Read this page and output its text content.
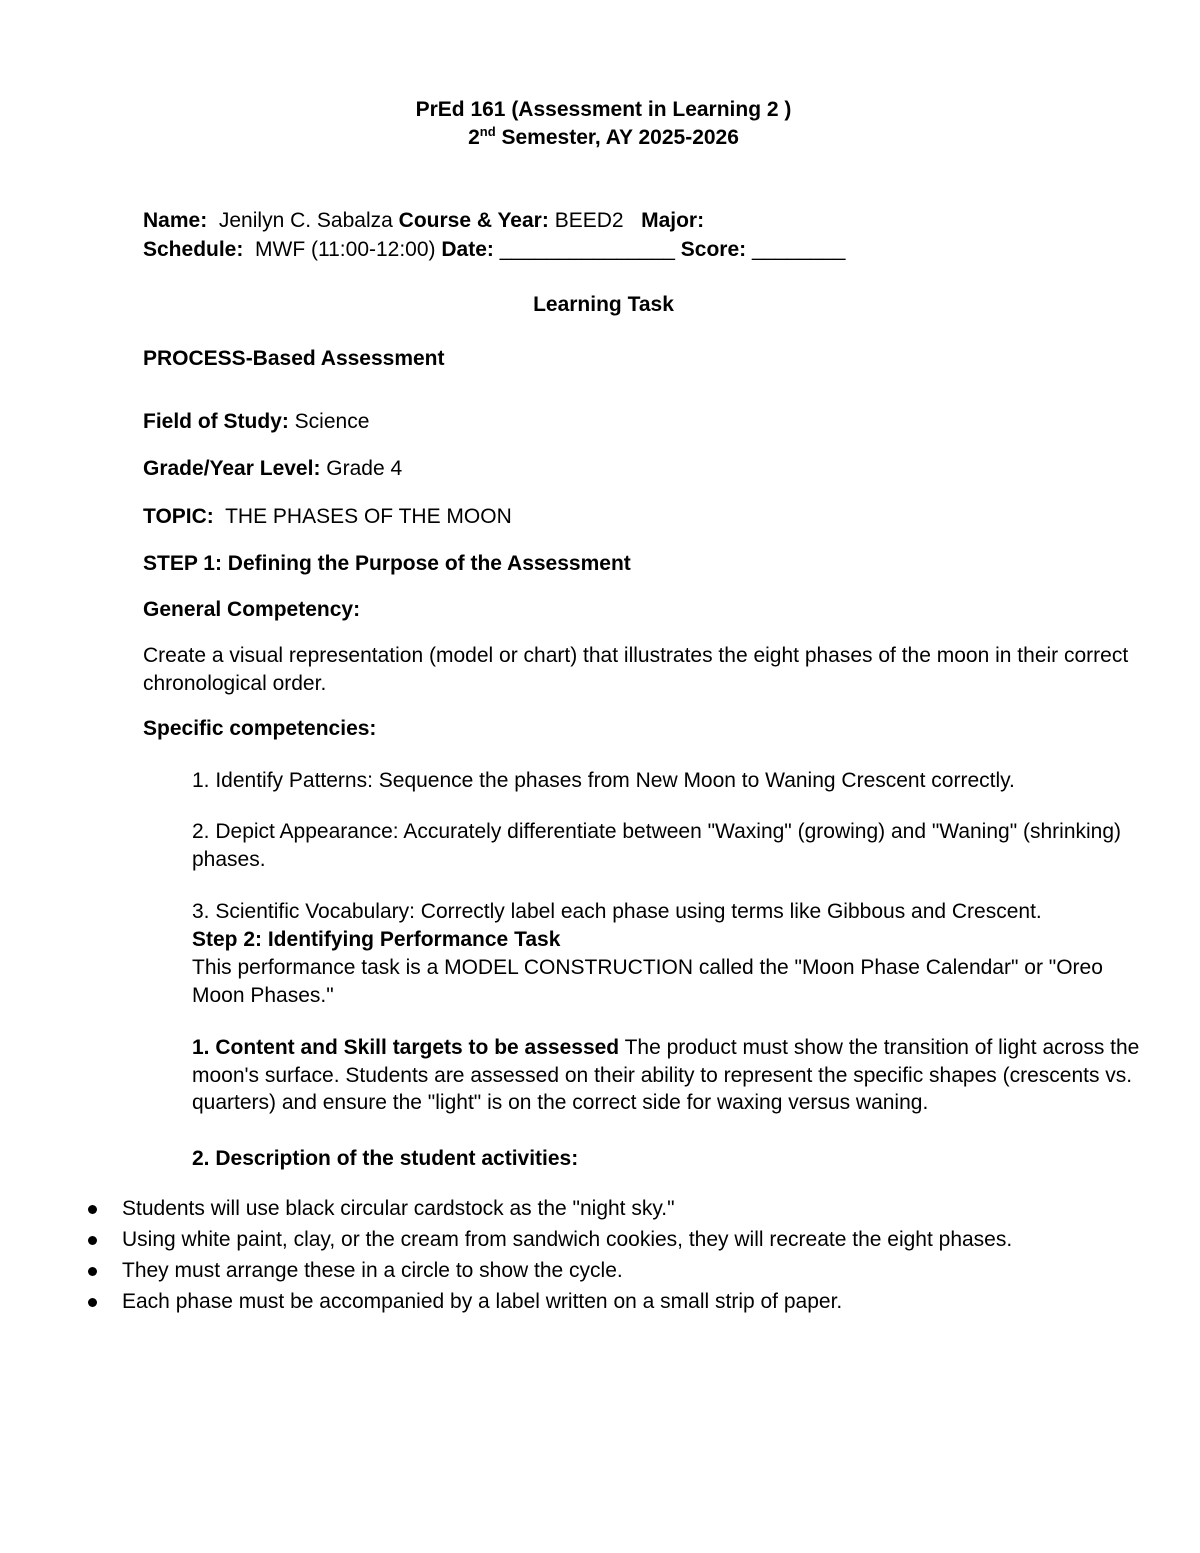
PrEd 161 (Assessment in Learning 2 )
2nd Semester, AY 2025-2026
Name: Jenilyn C. Sabalza Course & Year: BEED2 Major:
Schedule: MWF (11:00-12:00) Date: _______________ Score: ________
Learning Task
PROCESS-Based Assessment
Field of Study: Science
Grade/Year Level: Grade 4
TOPIC: THE PHASES OF THE MOON
STEP 1: Defining the Purpose of the Assessment
General Competency:
Create a visual representation (model or chart) that illustrates the eight phases of the moon in their correct chronological order.
Specific competencies:
1. Identify Patterns: Sequence the phases from New Moon to Waning Crescent correctly.
2. Depict Appearance: Accurately differentiate between "Waxing" (growing) and "Waning" (shrinking) phases.
3. Scientific Vocabulary: Correctly label each phase using terms like Gibbous and Crescent.
Step 2: Identifying Performance Task
This performance task is a MODEL CONSTRUCTION called the "Moon Phase Calendar" or "Oreo Moon Phases."
1. Content and Skill targets to be assessed The product must show the transition of light across the moon's surface. Students are assessed on their ability to represent the specific shapes (crescents vs. quarters) and ensure the "light" is on the correct side for waxing versus waning.
2. Description of the student activities:
Students will use black circular cardstock as the "night sky."
Using white paint, clay, or the cream from sandwich cookies, they will recreate the eight phases.
They must arrange these in a circle to show the cycle.
Each phase must be accompanied by a label written on a small strip of paper.
